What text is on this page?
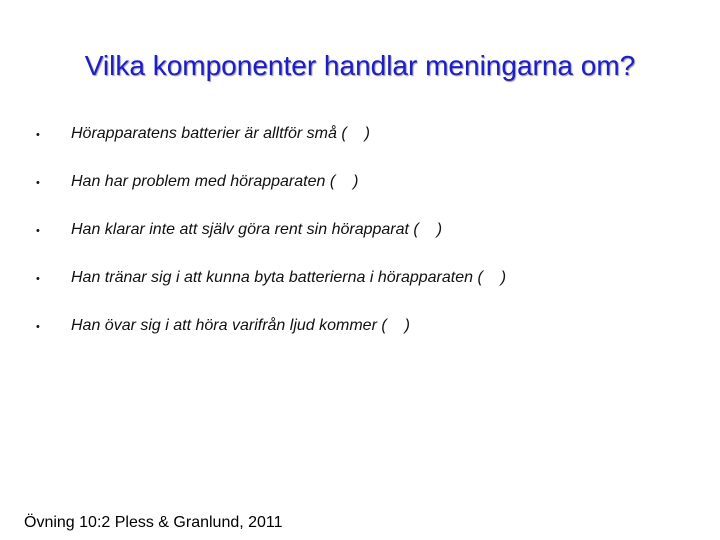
Vilka komponenter handlar meningarna om?
•	Hörapparatens batterier är alltför små ( )
•	Han har problem med hörapparaten ( )
•	Han klarar inte att själv göra rent sin hörapparat ( )
•	Han tränar sig i att kunna byta batterierna i hörapparaten ( )
•	Han övar sig i att höra varifrån ljud kommer ( )
Övning 10:2 Pless & Granlund, 2011
